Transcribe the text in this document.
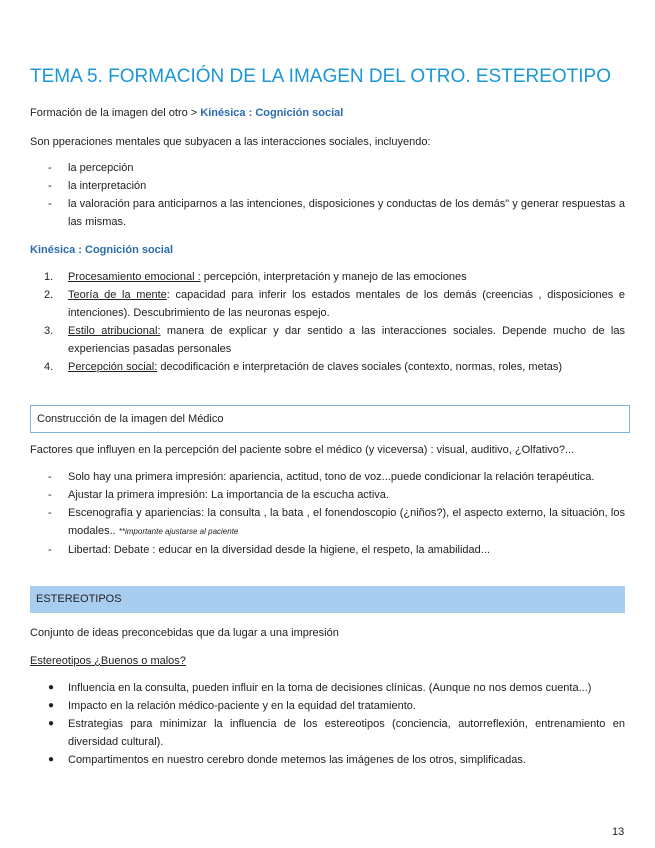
TEMA 5. FORMACIÓN DE LA IMAGEN DEL OTRO. ESTEREOTIPO
Formación de la imagen del otro > Kinésica : Cognición social
Son pperaciones mentales que subyacen a las interacciones sociales, incluyendo:
- la percepción
- la interpretación
- la valoración para anticiparnos a las intenciones, disposiciones y conductas de los demás" y generar respuestas a las mismas.
Kinésica : Cognición social
1. Procesamiento emocional : percepción, interpretación y manejo de las emociones
2. Teoría de la mente: capacidad para inferir los estados mentales de los demás (creencias , disposiciones e intenciones). Descubrimiento de las neuronas espejo.
3. Estilo atribucional: manera de explicar y dar sentido a las interacciones sociales. Depende mucho de las experiencias pasadas personales
4. Percepción social: decodificación e interpretación de claves sociales (contexto, normas, roles, metas)
Construcción de la imagen del Médico
Factores que influyen en la percepción del paciente sobre el médico (y viceversa) : visual, auditivo, ¿Olfativo?...
- Solo hay una primera impresión: apariencia, actitud, tono de voz...puede condicionar la relación terapéutica.
- Ajustar la primera impresión: La importancia de la escucha activa.
- Escenografía y apariencias: la consulta , la bata , el fonendoscopio (¿niños?), el aspecto externo, la situación, los modales.. **importante ajustarse al paciente
- Libertad: Debate : educar en la diversidad desde la higiene, el respeto, la amabilidad...
ESTEREOTIPOS
Conjunto de ideas preconcebidas que da lugar a una impresión
Estereotipos ¿Buenos o malos?
● Influencia en la consulta, pueden influir en la toma de decisiones clínicas. (Aunque no nos demos cuenta...)
● Impacto en la relación médico-paciente y en la equidad del tratamiento.
● Estrategias para minimizar la influencia de los estereotipos (conciencia, autorreflexión, entrenamiento en diversidad cultural).
● Compartimentos en nuestro cerebro donde metemos las imágenes de los otros, simplificadas.
13
